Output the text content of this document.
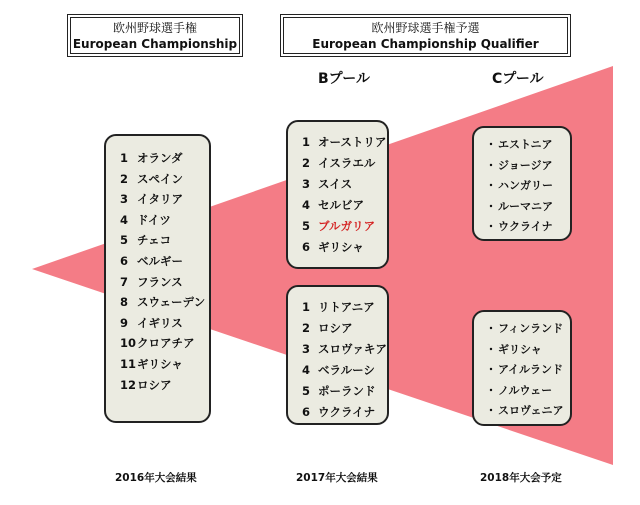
欧州野球選手権
European Championship
欧州野球選手権予選
European Championship Qualifier
Bプール	Cプール
1 オランダ
2 スペイン
3 イタリア
4 ドイツ
5 チェコ
6 ベルギー
7 フランス
8 スウェーデン
9 イギリス
10クロアチア
11ギリシャ
12ロシア
1 オーストリア
2 イスラエル
3 スイス
4 セルビア
5 ブルガリア
6 ギリシャ
1 リトアニア
2 ロシア
3 スロヴァキア
4 ベラルーシ
5 ポーランド
6 ウクライナ
・ エストニア
・ ジョージア
・ ハンガリー
・ ルーマニア
・ ウクライナ
・ フィンランド
・ ギリシャ
・ アイルランド
・ ノルウェー
・ スロヴェニア
2016年大会結果	2017年大会結果	2018年大会予定
